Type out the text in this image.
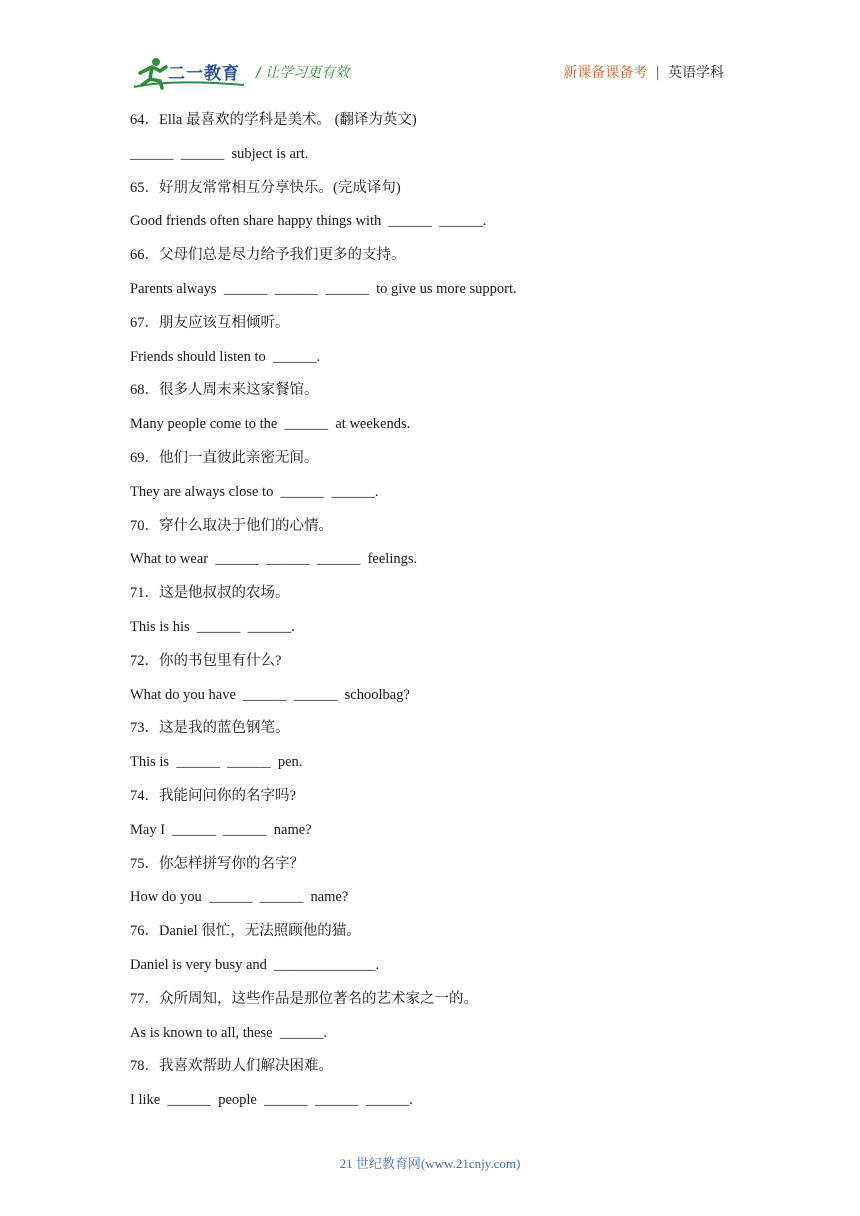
二一教育 / 让学习更有效	新课备课备考 | 英语学科
64．Ella 最喜欢的学科是美术。 (翻译为英文)
______  ______  subject is art.
65．好朋友常常相互分享快乐。(完成译句)
Good friends often share happy things with  ______  ______.
66．父母们总是尽力给予我们更多的支持。
Parents always  ______  ______  ______  to give us more support.
67．朋友应该互相倾听。
Friends should listen to  ______.
68．很多人周末来这家餐馆。
Many people come to the  ______  at weekends.
69．他们一直彼此亲密无间。
They are always close to  ______  ______.
70．穿什么取决于他们的心情。
What to wear  ______  ______  ______  feelings.
71．这是他叔叔的农场。
This is his  ______  ______.
72．你的书包里有什么?
What do you have  ______  ______  schoolbag?
73．这是我的蓝色钢笔。
This is  ______  ______  pen.
74．我能问问你的名字吗?
May I  ______  ______  name?
75．你怎样拼写你的名字？
How do you  ______  ______  name?
76．Daniel 很忙，无法照顾他的猫。
Daniel is very busy and  ______________.
77．众所周知，这些作品是那位著名的艺术家之一的。
As is known to all, these  ______.
78．我喜欢帮助人们解决困难。
I like  ______  people  ______  ______  ______.
21 世纪教育网(www.21cnjy.com)
